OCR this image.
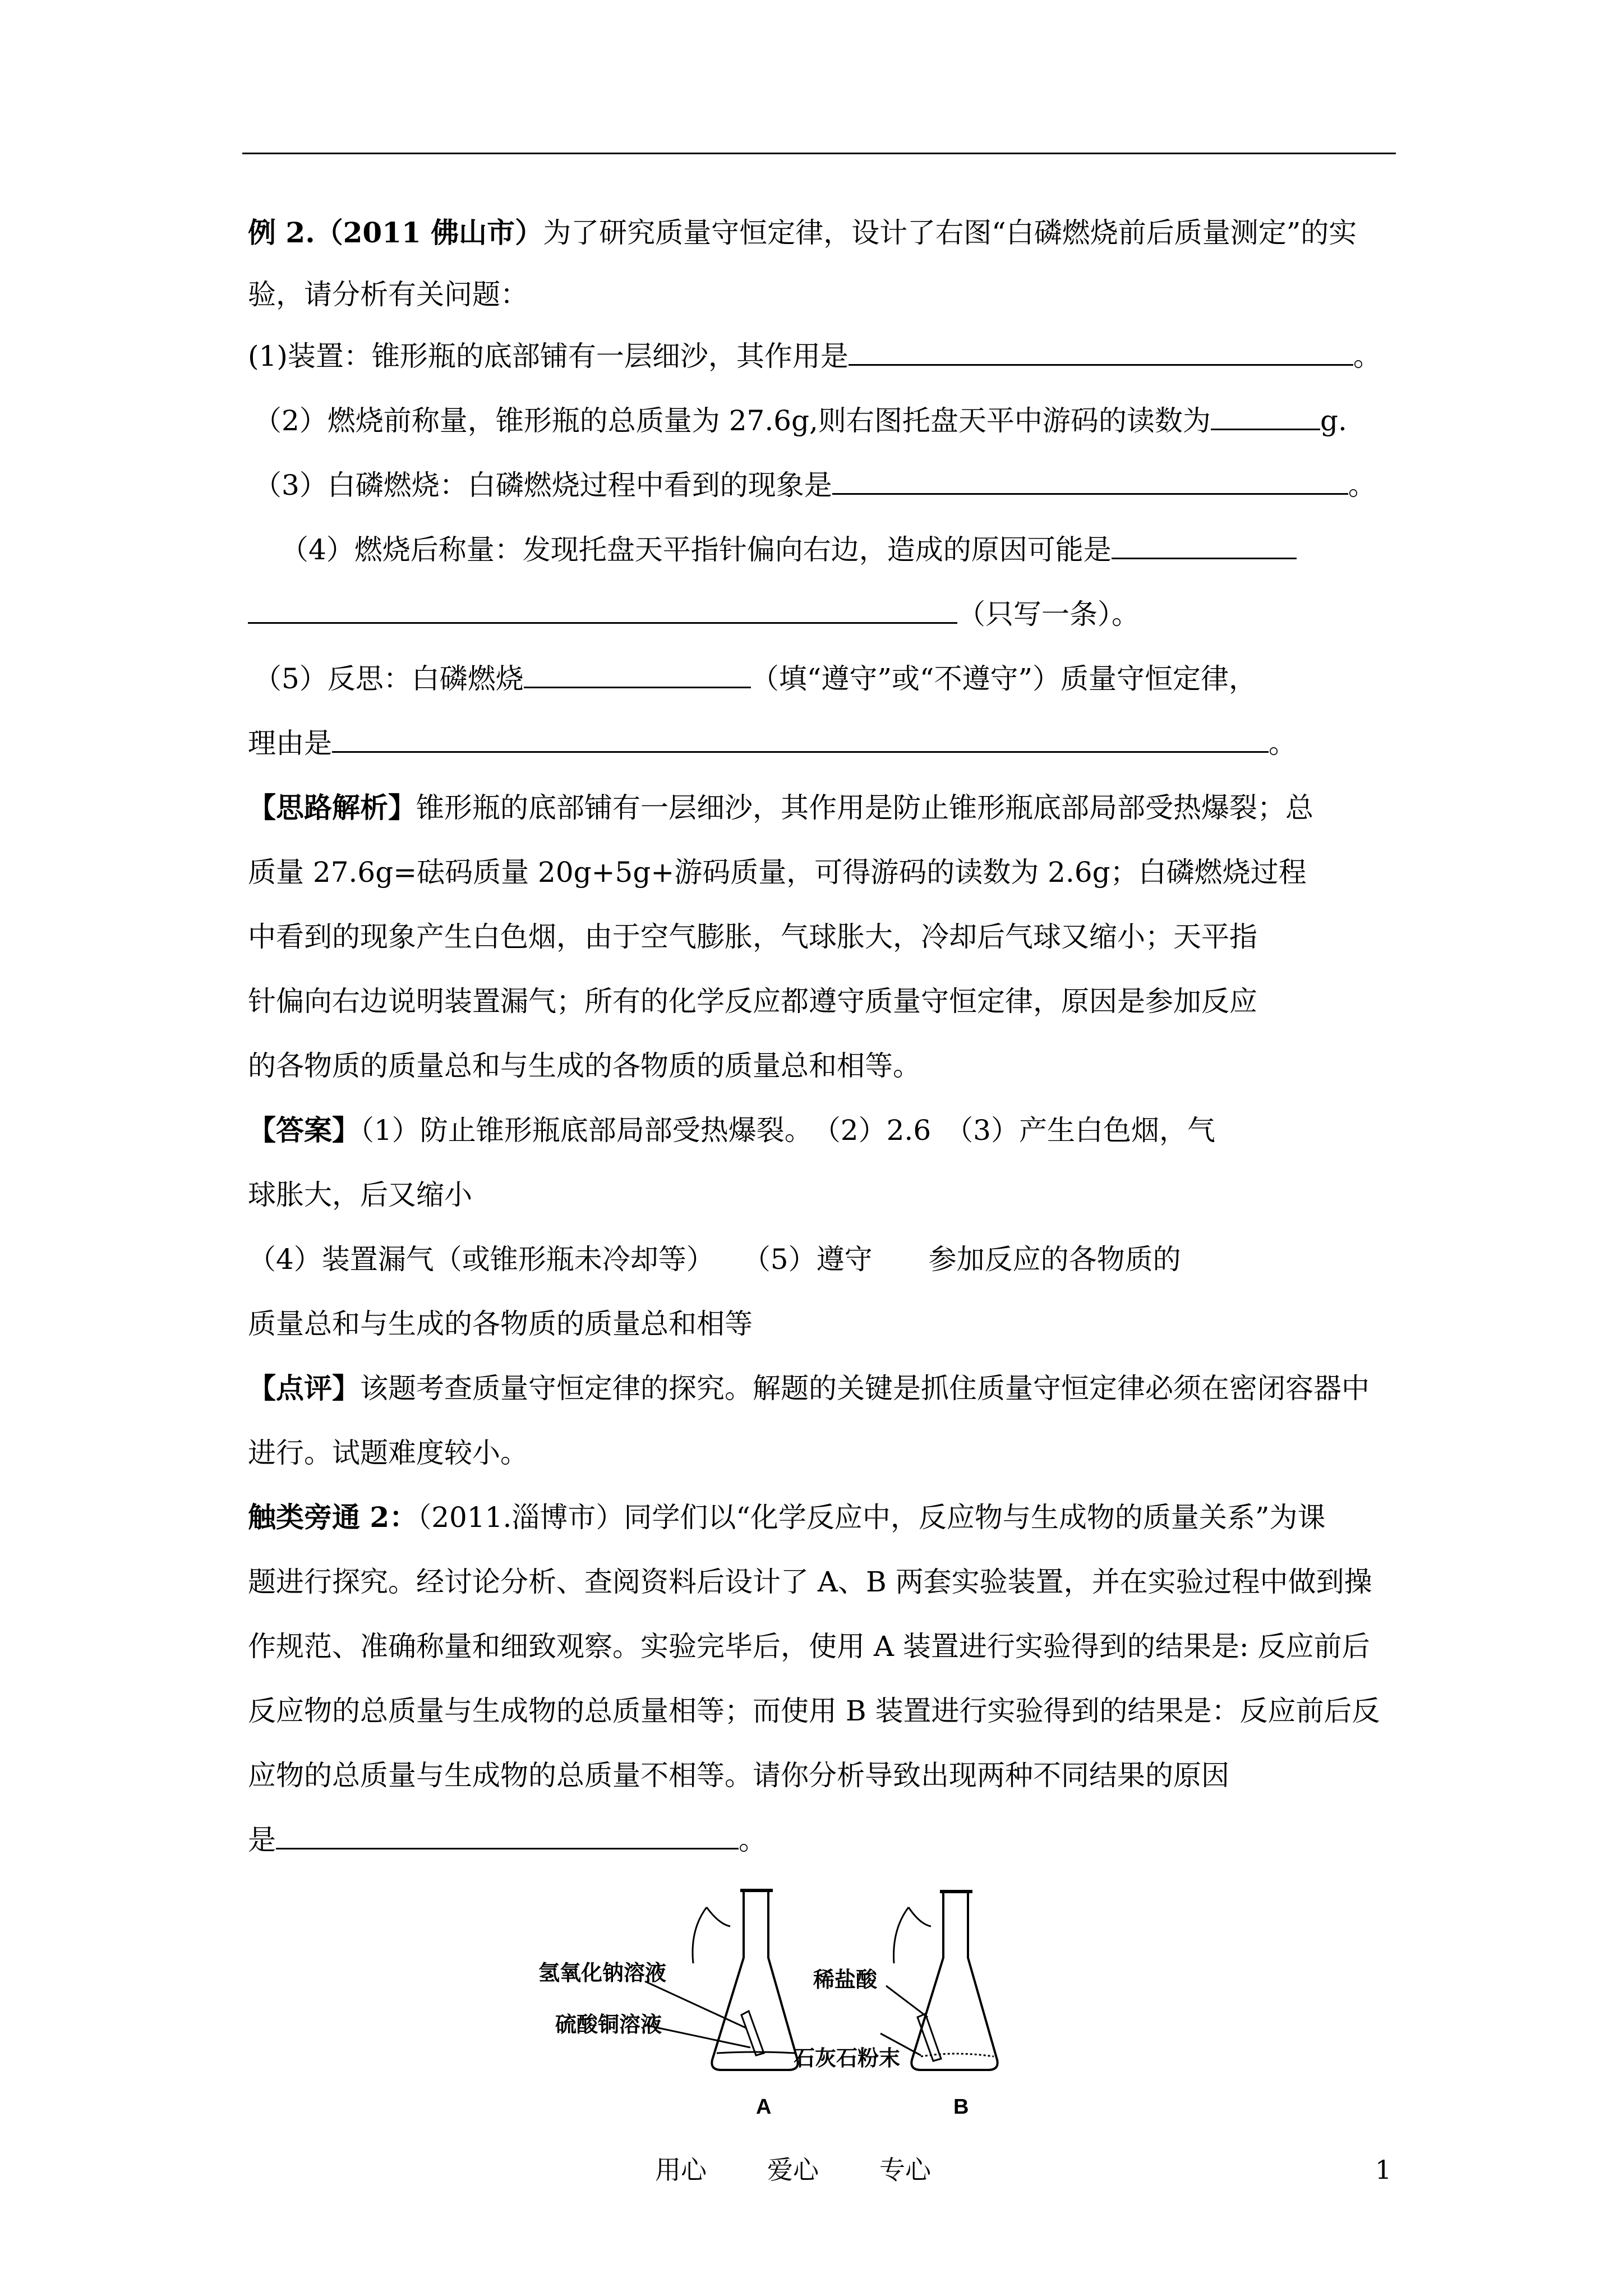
例 2.（2011 佛山市）为了研究质量守恒定律，设计了右图“白磷燃烧前后质量测定”的实
验，请分析有关问题：
(1)装置：锥形瓶的底部铺有一层细沙，其作用是	。
（2）燃烧前称量，锥形瓶的总质量为 27.6g,则右图托盘天平中游码的读数为	g.
（3）白磷燃烧：白磷燃烧过程中看到的现象是	。
（4）燃烧后称量：发现托盘天平指针偏向右边，造成的原因可能是
（只写一条）。
（5）反思：白磷燃烧	（填“遵守”或“不遵守”）质量守恒定律，
理由是	。
【思路解析】锥形瓶的底部铺有一层细沙，其作用是防止锥形瓶底部局部受热爆裂；总
质量 27.6g=砝码质量 20g+5g+游码质量，可得游码的读数为 2.6g；白磷燃烧过程
中看到的现象产生白色烟，由于空气膨胀，气球胀大，冷却后气球又缩小；天平指
针偏向右边说明装置漏气；所有的化学反应都遵守质量守恒定律，原因是参加反应
的各物质的质量总和与生成的各物质的质量总和相等。
【答案】（1）防止锥形瓶底部局部受热爆裂。　（2）2.6　（3）产生白色烟，气
球胀大，后又缩小
（4）装置漏气（或锥形瓶未冷却等）　　（5）遵守　　参加反应的各物质的
质量总和与生成的各物质的质量总和相等
【点评】该题考查质量守恒定律的探究。解题的关键是抓住质量守恒定律必须在密闭容器中
进行。试题难度较小。
触类旁通 2：（2011.淄博市）同学们以“化学反应中，反应物与生成物的质量关系”为课
题进行探究。经讨论分析、查阅资料后设计了 A、B 两套实验装置，并在实验过程中做到操
作规范、准确称量和细致观察。实验完毕后，使用 A 装置进行实验得到的结果是: 反应前后
反应物的总质量与生成物的总质量相等；而使用 B 装置进行实验得到的结果是：反应前后反
应物的总质量与生成物的总质量不相等。请你分析导致出现两种不同结果的原因
是	。
氢氧化钠溶液
硫酸铜溶液
稀盐酸
石灰石粉末
A	B
用心 爱心 专心	1
